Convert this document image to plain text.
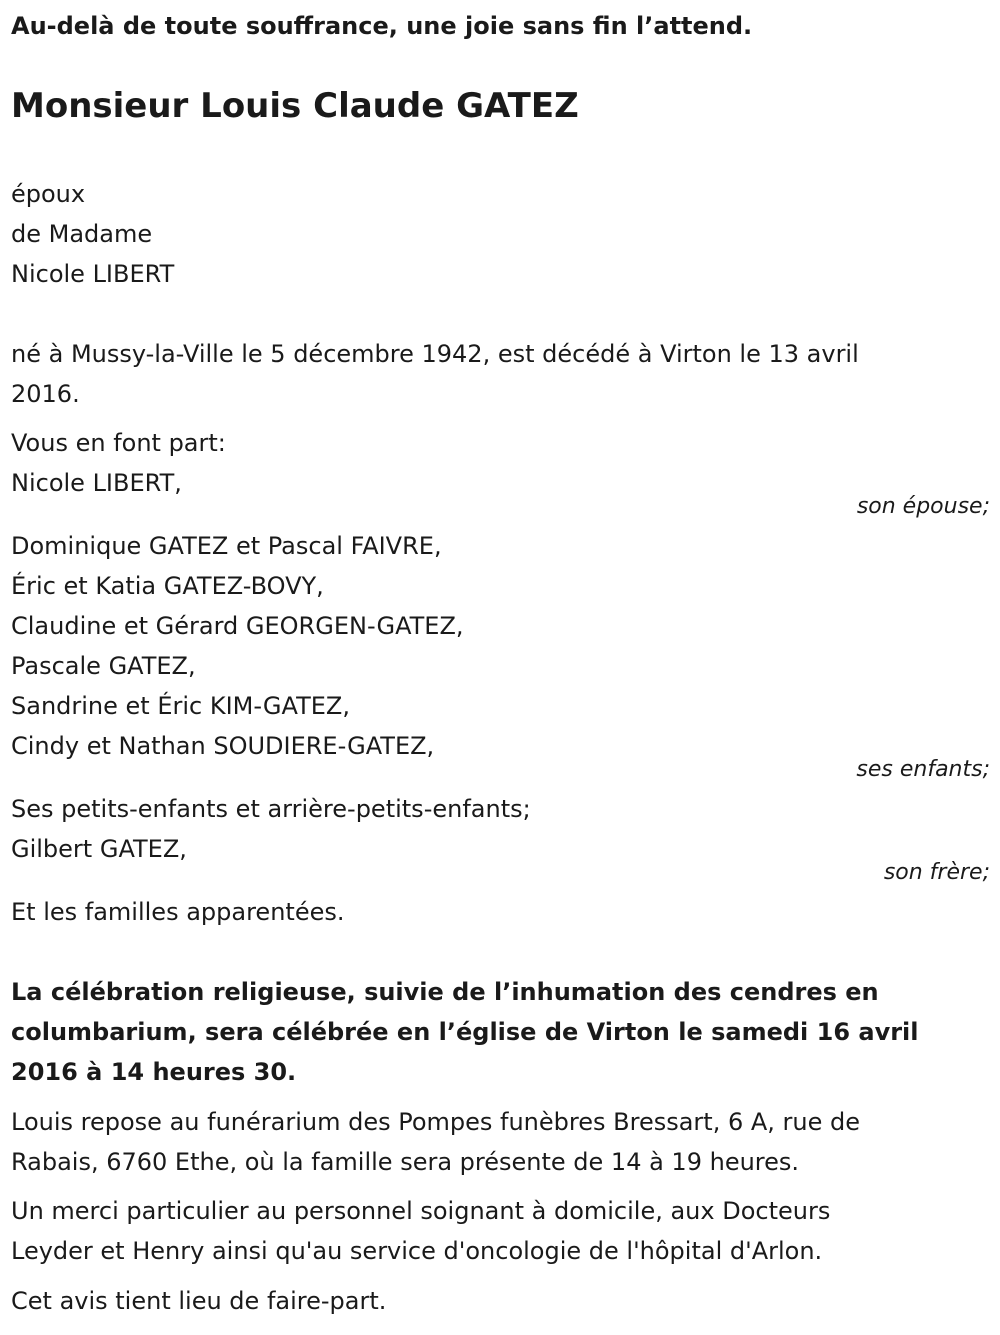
Au-delà de toute souffrance, une joie sans fin l’attend.
Monsieur Louis Claude GATEZ
époux
de Madame
Nicole LIBERT
né à Mussy-la-Ville le 5 décembre 1942, est décédé à Virton le 13 avril
2016.
Vous en font part:
Nicole LIBERT,
son épouse;
Dominique GATEZ et Pascal FAIVRE,
Éric et Katia GATEZ-BOVY,
Claudine et Gérard GEORGEN-GATEZ,
Pascale GATEZ,
Sandrine et Éric KIM-GATEZ,
Cindy et Nathan SOUDIERE-GATEZ,
ses enfants;
Ses petits-enfants et arrière-petits-enfants;
Gilbert GATEZ,
son frère;
Et les familles apparentées.
La célébration religieuse, suivie de l’inhumation des cendres en
columbarium, sera célébrée en l’église de Virton le samedi 16 avril
2016 à 14 heures 30.
Louis repose au funérarium des Pompes funèbres Bressart, 6 A, rue de
Rabais, 6760 Ethe, où la famille sera présente de 14 à 19 heures.
Un merci particulier au personnel soignant à domicile, aux Docteurs
Leyder et Henry ainsi qu'au service d'oncologie de l'hôpital d'Arlon.
Cet avis tient lieu de faire-part.
